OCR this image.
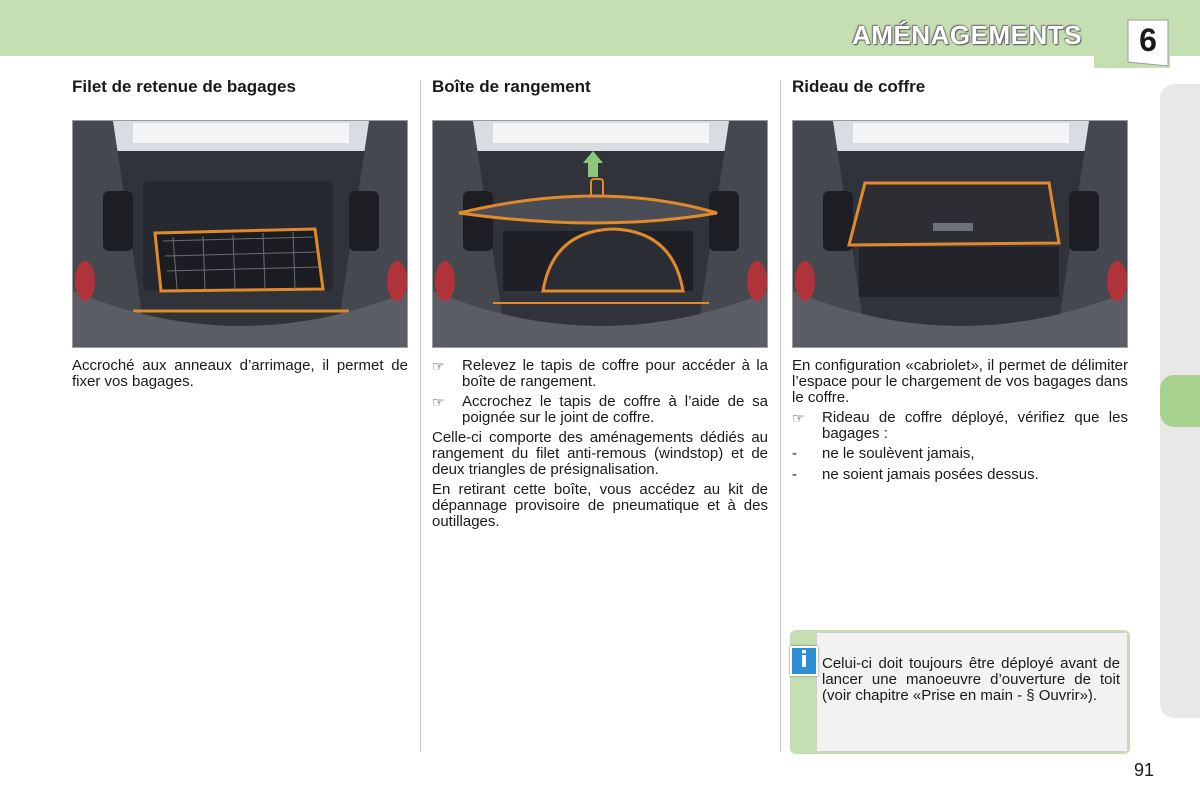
AMÉNAGEMENTS	6
Filet de retenue de bagages

Accroché aux anneaux d’arrimage, il permet de fixer vos bagages.

Boîte de rangement
☞	Relevez le tapis de coffre pour accéder à la boîte de rangement.
☞	Accrochez le tapis de coffre à l’aide de sa poignée sur le joint de coffre.

Celle-ci comporte des aménagements dédiés au rangement du filet anti-remous (windstop) et de deux triangles de présignalisation.

En retirant cette boîte, vous accédez au kit de dépannage provisoire de pneumatique et à des outillages.

Rideau de coffre

En configuration «cabriolet», il permet de délimiter l’espace pour le chargement de vos bagages dans le coffre.

☞	Rideau de coffre déployé, vérifiez que les bagages :
- ne le soulèvent jamais,
- ne soient jamais posées dessus.
i Celui-ci doit toujours être déployé avant de lancer une manoeuvre d’ouverture de toit (voir chapitre «Prise en main - § Ouvrir»).
91
